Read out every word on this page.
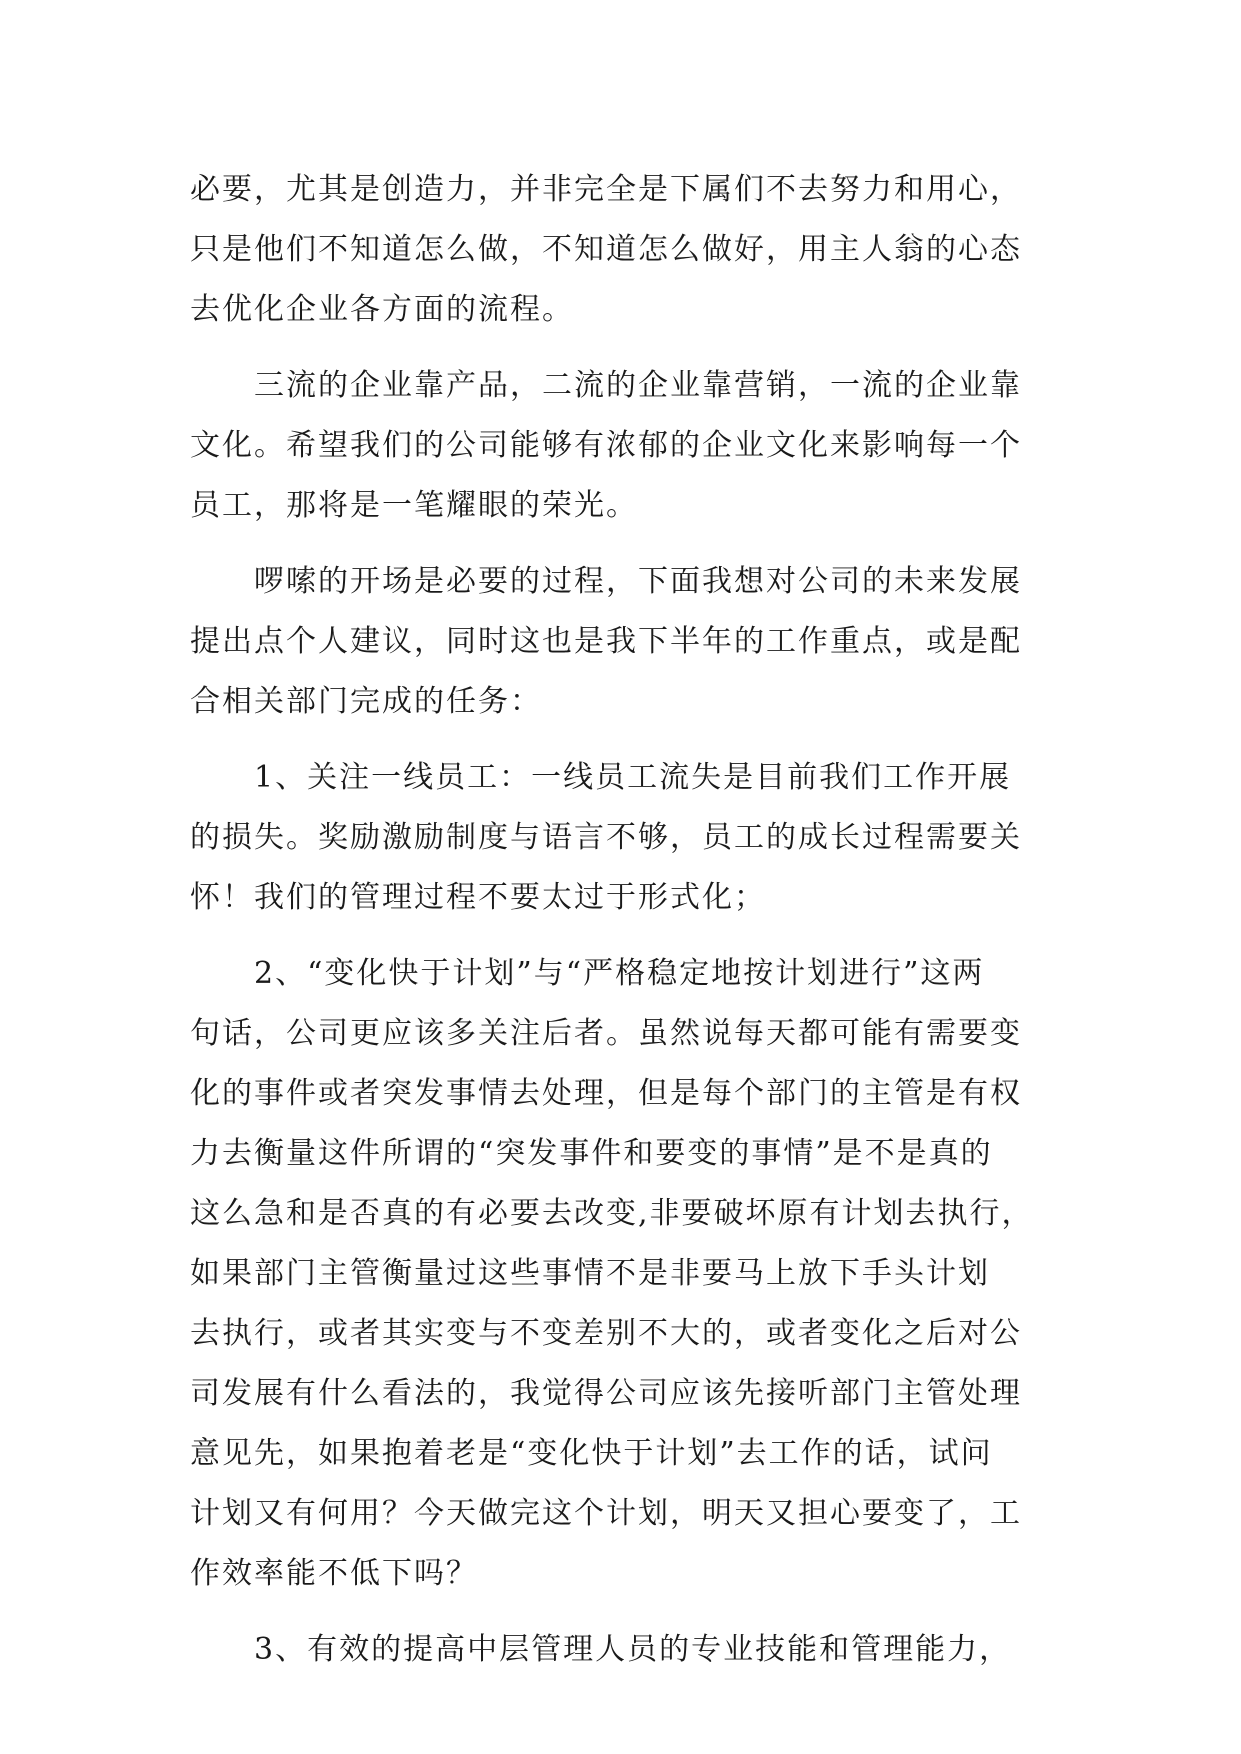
必要，尤其是创造力，并非完全是下属们不去努力和用心，
只是他们不知道怎么做，不知道怎么做好，用主人翁的心态
去优化企业各方面的流程。
三流的企业靠产品，二流的企业靠营销，一流的企业靠
文化。希望我们的公司能够有浓郁的企业文化来影响每一个
员工，那将是一笔耀眼的荣光。
啰嗦的开场是必要的过程，下面我想对公司的未来发展
提出点个人建议，同时这也是我下半年的工作重点，或是配
合相关部门完成的任务：
1、关注一线员工：一线员工流失是目前我们工作开展
的损失。奖励激励制度与语言不够，员工的成长过程需要关
怀！我们的管理过程不要太过于形式化；
2、“变化快于计划”与“严格稳定地按计划进行”这两
句话，公司更应该多关注后者。虽然说每天都可能有需要变
化的事件或者突发事情去处理，但是每个部门的主管是有权
力去衡量这件所谓的“突发事件和要变的事情”是不是真的
这么急和是否真的有必要去改变,非要破坏原有计划去执行，
如果部门主管衡量过这些事情不是非要马上放下手头计划
去执行，或者其实变与不变差别不大的，或者变化之后对公
司发展有什么看法的，我觉得公司应该先接听部门主管处理
意见先，如果抱着老是“变化快于计划”去工作的话，试问
计划又有何用？今天做完这个计划，明天又担心要变了，工
作效率能不低下吗？
3、有效的提高中层管理人员的专业技能和管理能力，
